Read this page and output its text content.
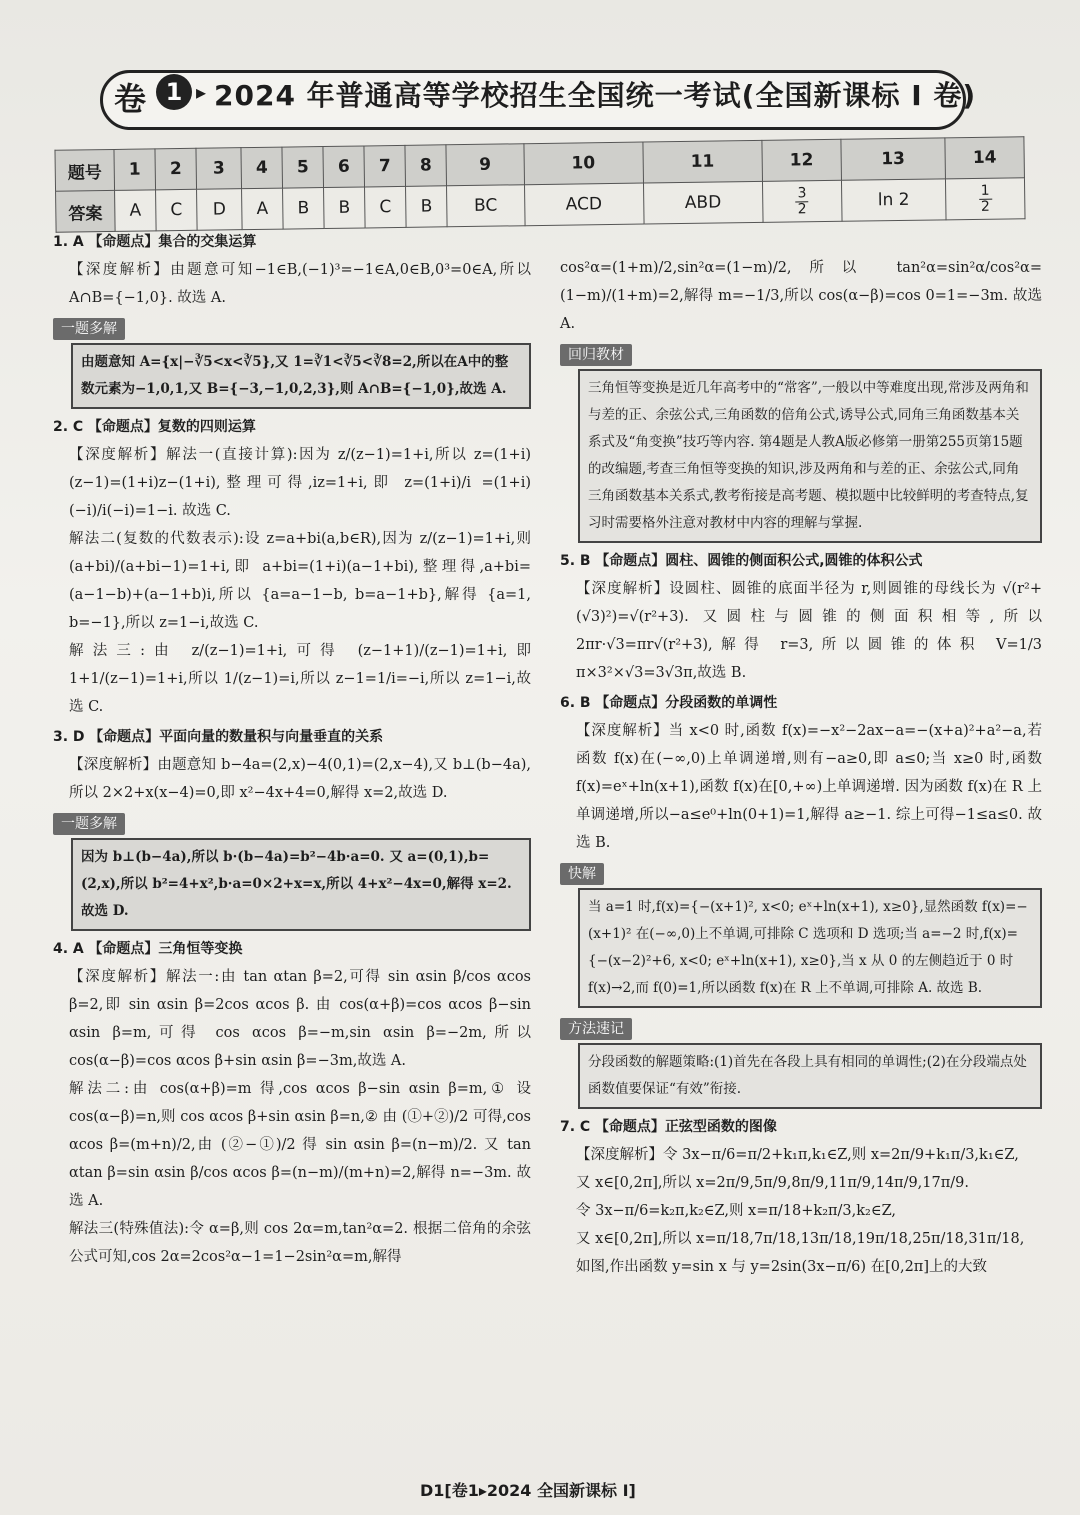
卷 1 ▸ 2024 年普通高等学校招生全国统一考试(全国新课标 I 卷)
题号	1	2	3	4	5	6	7	8	9	10	11	12	13	14
答案	A	C	D	A	B	B	C	B	BC	ACD	ABD	$\frac{3}{2}$	ln 2	$\frac{1}{2}$
1. A 【命题点】集合的交集运算

【深度解析】由题意可知−1∈B,(−1)³=−1∈A,0∈B,0³=0∈A,所以A∩B={−1,0}. 故选 A.

一题多解
由题意知 A={x|−∛5<x<∛5},又 1=∛1<∛5<∛8=2,所以在A中的整数元素为−1,0,1,又 B={−3,−1,0,2,3},则 A∩B={−1,0},故选 A.
2. C 【命题点】复数的四则运算

【深度解析】解法一(直接计算):因为 z/(z−1)=1+i,所以 z=(1+i)(z−1)=(1+i)z−(1+i),整理可得,iz=1+i,即 z=(1+i)/i =(1+i)(−i)/i(−i)=1−i. 故选 C.

解法二(复数的代数表示):设 z=a+bi(a,b∈R),因为 z/(z−1)=1+i,则 (a+bi)/(a+bi−1)=1+i,即 a+bi=(1+i)(a−1+bi),整理得,a+bi=(a−1−b)+(a−1+b)i,所以 {a=a−1−b, b=a−1+b},解得 {a=1, b=−1},所以 z=1−i,故选 C.

解法三:由 z/(z−1)=1+i,可得 (z−1+1)/(z−1)=1+i,即 1+1/(z−1)=1+i,所以 1/(z−1)=i,所以 z−1=1/i=−i,所以 z=1−i,故选 C.

3. D 【命题点】平面向量的数量积与向量垂直的关系

【深度解析】由题意知 b−4a=(2,x)−4(0,1)=(2,x−4),又 b⊥(b−4a),所以 2×2+x(x−4)=0,即 x²−4x+4=0,解得 x=2,故选 D.

一题多解
因为 b⊥(b−4a),所以 b·(b−4a)=b²−4b·a=0. 又 a=(0,1),b=(2,x),所以 b²=4+x²,b·a=0×2+x=x,所以 4+x²−4x=0,解得 x=2. 故选 D.
4. A 【命题点】三角恒等变换

【深度解析】解法一:由 tan αtan β=2,可得 sin αsin β/cos αcos β=2,即 sin αsin β=2cos αcos β. 由 cos(α+β)=cos αcos β−sin αsin β=m,可得 cos αcos β=−m,sin αsin β=−2m,所以 cos(α−β)=cos αcos β+sin αsin β=−3m,故选 A.

解法二:由 cos(α+β)=m 得,cos αcos β−sin αsin β=m,① 设 cos(α−β)=n,则 cos αcos β+sin αsin β=n,② 由 (①+②)/2 可得,cos αcos β=(m+n)/2,由 (②−①)/2 得 sin αsin β=(n−m)/2. 又 tan αtan β=sin αsin β/cos αcos β=(n−m)/(m+n)=2,解得 n=−3m. 故选 A.

解法三(特殊值法):令 α=β,则 cos 2α=m,tan²α=2. 根据二倍角的余弦公式可知,cos 2α=2cos²α−1=1−2sin²α=m,解得

cos²α=(1+m)/2,sin²α=(1−m)/2,所以 tan²α=sin²α/cos²α=(1−m)/(1+m)=2,解得 m=−1/3,所以 cos(α−β)=cos 0=1=−3m. 故选 A.

回归教材
三角恒等变换是近几年高考中的“常客”,一般以中等难度出现,常涉及两角和与差的正、余弦公式,三角函数的倍角公式,诱导公式,同角三角函数基本关系式及“角变换”技巧等内容. 第4题是人教A版必修第一册第255页第15题的改编题,考查三角恒等变换的知识,涉及两角和与差的正、余弦公式,同角三角函数基本关系式,教考衔接是高考题、模拟题中比较鲜明的考查特点,复习时需要格外注意对教材中内容的理解与掌握.
5. B 【命题点】圆柱、圆锥的侧面积公式,圆锥的体积公式

【深度解析】设圆柱、圆锥的底面半径为 r,则圆锥的母线长为 √(r²+(√3)²)=√(r²+3). 又圆柱与圆锥的侧面积相等,所以 2πr·√3=πr√(r²+3),解得 r=3,所以圆锥的体积 V=1/3 π×3²×√3=3√3π,故选 B.

6. B 【命题点】分段函数的单调性

【深度解析】当 x<0 时,函数 f(x)=−x²−2ax−a=−(x+a)²+a²−a,若函数 f(x)在(−∞,0)上单调递增,则有−a≥0,即 a≤0;当 x≥0 时,函数 f(x)=eˣ+ln(x+1),函数 f(x)在[0,+∞)上单调递增. 因为函数 f(x)在 R 上单调递增,所以−a≤e⁰+ln(0+1)=1,解得 a≥−1. 综上可得−1≤a≤0. 故选 B.

快解
当 a=1 时,f(x)={−(x+1)², x<0; eˣ+ln(x+1), x≥0},显然函数 f(x)=−(x+1)² 在(−∞,0)上不单调,可排除 C 选项和 D 选项;当 a=−2 时,f(x)={−(x−2)²+6, x<0; eˣ+ln(x+1), x≥0},当 x 从 0 的左侧趋近于 0 时 f(x)→2,而 f(0)=1,所以函数 f(x)在 R 上不单调,可排除 A. 故选 B.
方法速记
分段函数的解题策略:(1)首先在各段上具有相同的单调性;(2)在分段端点处函数值要保证“有效”衔接.
7. C 【命题点】正弦型函数的图像

【深度解析】令 3x−π/6=π/2+k₁π,k₁∈Z,则 x=2π/9+k₁π/3,k₁∈Z,

又 x∈[0,2π],所以 x=2π/9,5π/9,8π/9,11π/9,14π/9,17π/9.

令 3x−π/6=k₂π,k₂∈Z,则 x=π/18+k₂π/3,k₂∈Z,

又 x∈[0,2π],所以 x=π/18,7π/18,13π/18,19π/18,25π/18,31π/18,

如图,作出函数 y=sin x 与 y=2sin(3x−π/6) 在[0,2π]上的大致

D1[卷1▸2024 全国新课标 I]
